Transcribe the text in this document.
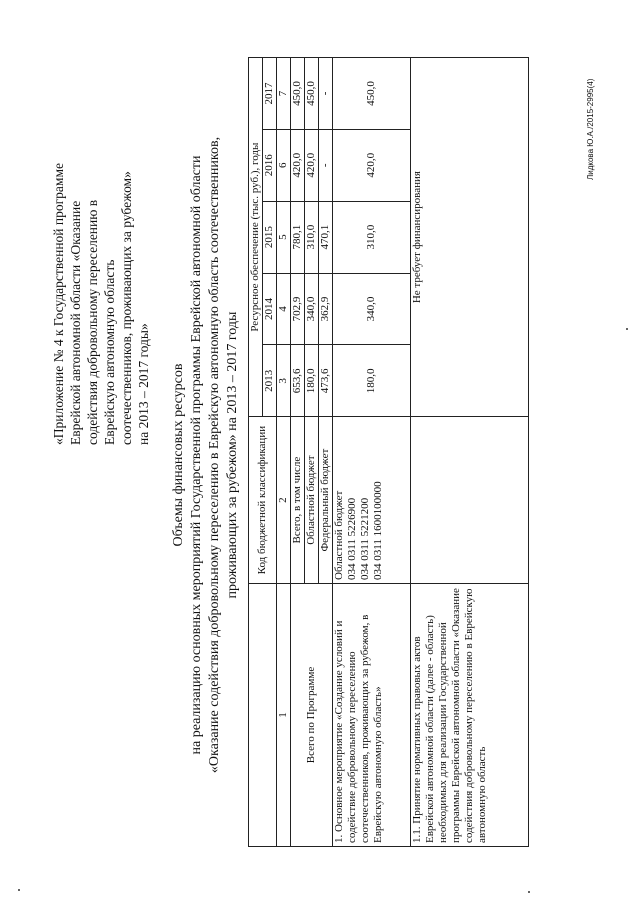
«Приложение № 4 к Государственной программе Еврейской автономной области «Оказание содействия добровольному переселению в Еврейскую автономную область соотечественников, проживающих за рубежом» на 2013 – 2017 годы» Объемы финансовых ресурсов на реализацию основных мероприятий Государственной программы Еврейской автономной области «Оказание содействия добровольному переселению в Еврейскую автономную область соотечественников, проживающих за рубежом» на 2013 – 2017 годы
	Код бюджетной классификации	Ресурсное обеспечение (тыс. руб.), годы				
		2013	2014	2015	2016	2017
1	2	3	4	5	6	7
Всего по Программе	Всего, в том числе	653,6	702,9	780,1	420,0	450,0
	Областной бюджет	180,0	340,0	310,0	420,0	450,0
	Федеральный бюджет	473,6	362,9	470,1	-	-
1. Основное мероприятие «Создание условий и содействие добровольному переселению соотечественников, проживающих за рубежом, в Еврейскую автономную область»	Областной бюджет 034 0311 5226900 034 0311 5221200 034 0311 1600100000	180,0	340,0	310,0	420,0	450,0
1.1. Принятие нормативных правовых актов Еврейской автономной области (далее - область) необходимых для реализации Государственной программы Еврейской автономной области «Оказание содействия добровольному переселению в Еврейскую автономную область		Не требует финансирования				
Лидкова Ю.А./2015-2995(4)
